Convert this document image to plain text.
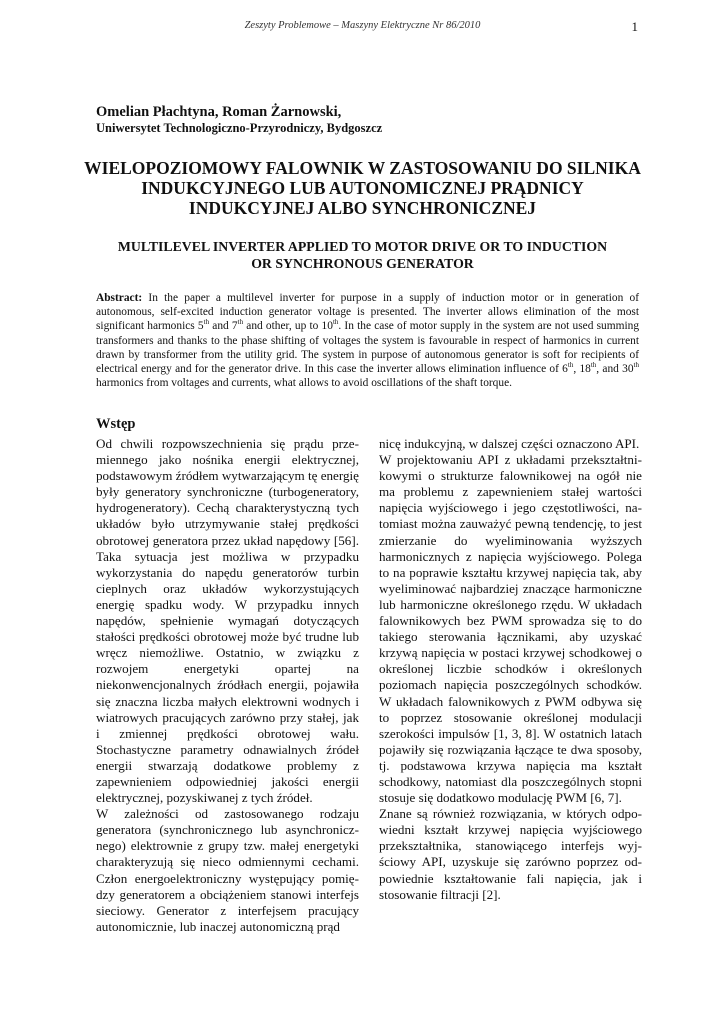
Zeszyty Problemowe – Maszyny Elektryczne Nr 86/2010	1
Omelian Płachtyna, Roman Żarnowski,
Uniwersytet Technologiczno-Przyrodniczy, Bydgoszcz
WIELOPOZIOMOWY FALOWNIK W ZASTOSOWANIU DO SILNIKA
INDUKCYJNEGO LUB AUTONOMICZNEJ PRĄDNICY
INDUKCYJNEJ ALBO SYNCHRONICZNEJ
MULTILEVEL INVERTER APPLIED TO MOTOR DRIVE OR TO INDUCTION
OR SYNCHRONOUS GENERATOR
Abstract: In the paper a multilevel inverter for purpose in a supply of induction motor or in generation of autonomous, self-excited induction generator voltage is presented. The inverter allows elimination of the most significant harmonics 5th and 7th and other, up to 10th. In the case of motor supply in the system are not used summing transformers and thanks to the phase shifting of voltages the system is favourable in respect of harmonics in current drawn by transformer from the utility grid. The system in purpose of autonomous generator is soft for recipients of electrical energy and for the generator drive. In this case the inverter allows elimination influence of 6th, 18th, and 30th harmonics from voltages and currents, what allows to avoid oscillations of the shaft torque.
Wstęp

Od chwili rozpowszechnienia się prądu przemiennego jako nośnika energii elektrycznej, podstawowym źródłem wytwarzającym tę energię były generatory synchroniczne (turbogeneratory, hydrogeneratory). Cechą charakterystyczną tych układów było utrzymywanie stałej prędkości obrotowej generatora przez układ napędowy [56]. Taka sytuacja jest możliwa w przypadku wykorzystania do napędu generatorów turbin cieplnych oraz układów wykorzystujących energię spadku wody. W przypadku innych napędów, spełnienie wymagań dotyczących stałości prędkości obrotowej może być trudne lub wręcz niemożliwe. Ostatnio, w związku z rozwojem energetyki opartej na niekonwencjonalnych źródłach energii, pojawiła się znaczna liczba małych elektrowni wodnych i wiatrowych pracujących zarówno przy stałej, jak i zmiennej prędkości obrotowej wału. Stochastyczne parametry odnawialnych źródeł energii stwarzają dodatkowe problemy z zapewnieniem odpowiedniej jakości energii elektrycznej, pozyskiwanej z tych źródeł.

W zależności od zastosowanego rodzaju generatora (synchronicznego lub asynchronicznego) elektrownie z grupy tzw. małej energetyki charakteryzują się nieco odmiennymi cechami. Człon energoelektroniczny występujący pomiędzy generatorem a obciążeniem stanowi interfejs sieciowy. Generator z interfejsem pracujący autonomicznie, lub inaczej autonomiczną prąd

nicę indukcyjną, w dalszej części oznaczono API.

W projektowaniu API z układami przekształtnikowymi o strukturze falownikowej na ogół nie ma problemu z zapewnieniem stałej wartości napięcia wyjściowego i jego częstotliwości, natomiast można zauważyć pewną tendencję, to jest zmierzanie do wyeliminowania wyższych harmonicznych z napięcia wyjściowego. Polega to na poprawie kształtu krzywej napięcia tak, aby wyeliminować najbardziej znaczące harmoniczne lub harmoniczne określonego rzędu. W układach falownikowych bez PWM sprowadza się to do takiego sterowania łącznikami, aby uzyskać krzywą napięcia w postaci krzywej schodkowej o określonej liczbie schodków i określonych poziomach napięcia poszczególnych schodków. W układach falownikowych z PWM odbywa się to poprzez stosowanie określonej modulacji szerokości impulsów [1, 3, 8]. W ostatnich latach pojawiły się rozwiązania łączące te dwa sposoby, tj. podstawowa krzywa napięcia ma kształt schodkowy, natomiast dla poszczególnych stopni stosuje się dodatkowo modulację PWM [6, 7].

Znane są również rozwiązania, w których odpowiedni kształt krzywej napięcia wyjściowego przekształtnika, stanowiącego interfejs wyjściowy API, uzyskuje się zarówno poprzez odpowiednie kształtowanie fali napięcia, jak i stosowanie filtracji [2].
